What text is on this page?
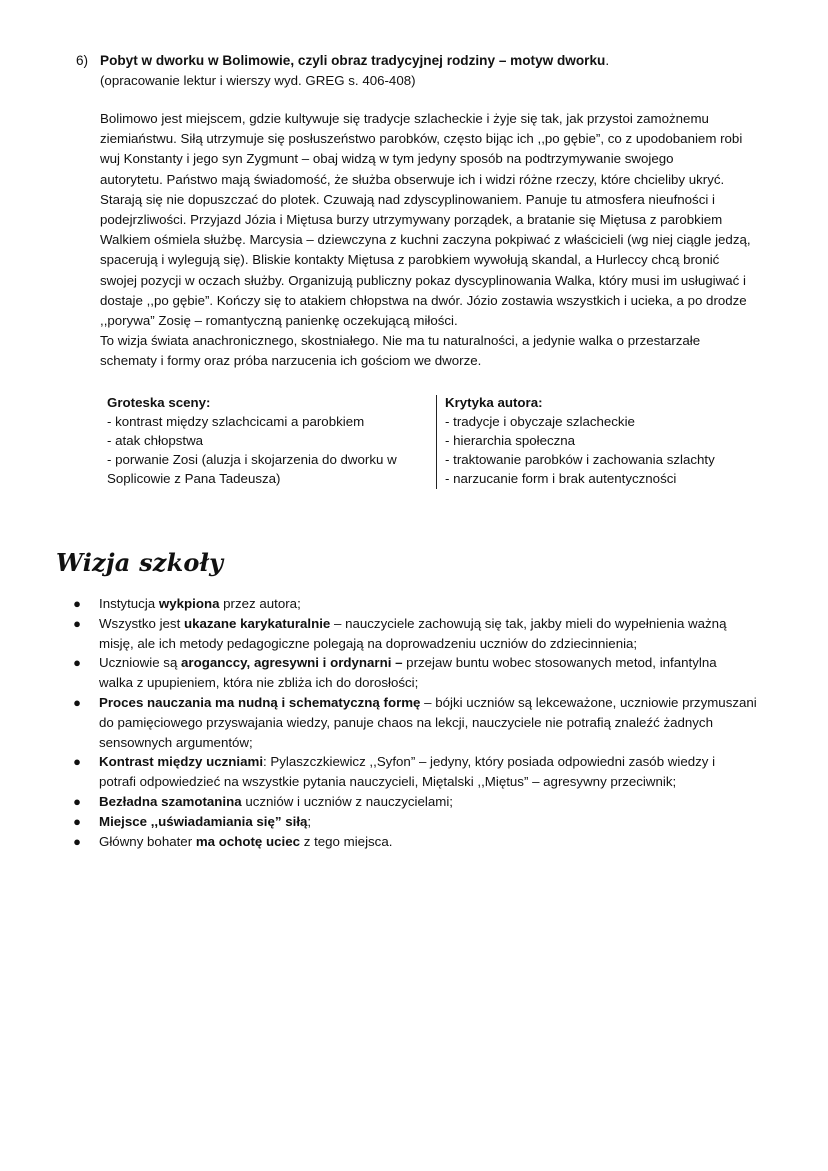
6) Pobyt w dworku w Bolimowie, czyli obraz tradycyjnej rodziny – motyw dworku.
(opracowanie lektur i wierszy wyd. GREG s. 406-408)
Bolimowo jest miejscem, gdzie kultywuje się tradycje szlacheckie i żyje się tak, jak przystoi zamożnemu
ziemiaństwu. Siłą utrzymuje się posłuszeństwo parobków, często bijąc ich ,,po gębie”, co z upodobaniem robi
wuj Konstanty i jego syn Zygmunt – obaj widzą w tym jedyny sposób na podtrzymywanie swojego
autorytetu. Państwo mają świadomość, że służba obserwuje ich i widzi różne rzeczy, które chcieliby ukryć.
Starają się nie dopuszczać do plotek. Czuwają nad zdyscyplinowaniem. Panuje tu atmosfera nieufności i
podejrzliwości. Przyjazd Józia i Miętusa burzy utrzymywany porządek, a bratanie się Miętusa z parobkiem
Walkiem ośmiela służbę. Marcysia – dziewczyna z kuchni zaczyna pokpiwać z właścicieli (wg niej ciągle jedzą,
spacerują i wylegują się). Bliskie kontakty Miętusa z parobkiem wywołują skandal, a Hurleccy chcą bronić
swojej pozycji w oczach służby. Organizują publiczny pokaz dyscyplinowania Walka, który musi im usługiwać i
dostaje ,,po gębie”. Kończy się to atakiem chłopstwa na dwór. Józio zostawia wszystkich i ucieka, a po drodze
,,porywa” Zosię – romantyczną panienkę oczekującą miłości.
To wizja świata anachronicznego, skostniałego. Nie ma tu naturalności, a jedynie walka o przestarzałe
schematy i formy oraz próba narzucenia ich gościom we dworze.
Groteska sceny:
- kontrast między szlachcicami a parobkiem
- atak chłopstwa
- porwanie Zosi (aluzja i skojarzenia do dworku w
Soplicowie z Pana Tadeusza)
Krytyka autora:
- tradycje i obyczaje szlacheckie
- hierarchia społeczna
- traktowanie parobków i zachowania szlachty
- narzucanie form i brak autentyczności
Wizja szkoły
● Instytucja wykpiona przez autora;
● Wszystko jest ukazane karykaturalnie – nauczyciele zachowują się tak, jakby mieli do wypełnienia ważną
misję, ale ich metody pedagogiczne polegają na doprowadzeniu uczniów do zdziecinnienia;
● Uczniowie są aroganccy, agresywni i ordynarni – przejaw buntu wobec stosowanych metod, infantylna
walka z upupieniem, która nie zbliża ich do dorosłości;
● Proces nauczania ma nudną i schematyczną formę – bójki uczniów są lekceważone, uczniowie przymuszani
do pamięciowego przyswajania wiedzy, panuje chaos na lekcji, nauczyciele nie potrafią znaleźć żadnych
sensownych argumentów;
● Kontrast między uczniami: Pylaszczkiewicz ,,Syfon” – jedyny, który posiada odpowiedni zasób wiedzy i
potrafi odpowiedzieć na wszystkie pytania nauczycieli, Miętalski ,,Miętus” – agresywny przeciwnik;
● Bezładna szamotanina uczniów i uczniów z nauczycielami;
● Miejsce ,,uświadamiania się” siłą;
● Główny bohater ma ochotę uciec z tego miejsca.
